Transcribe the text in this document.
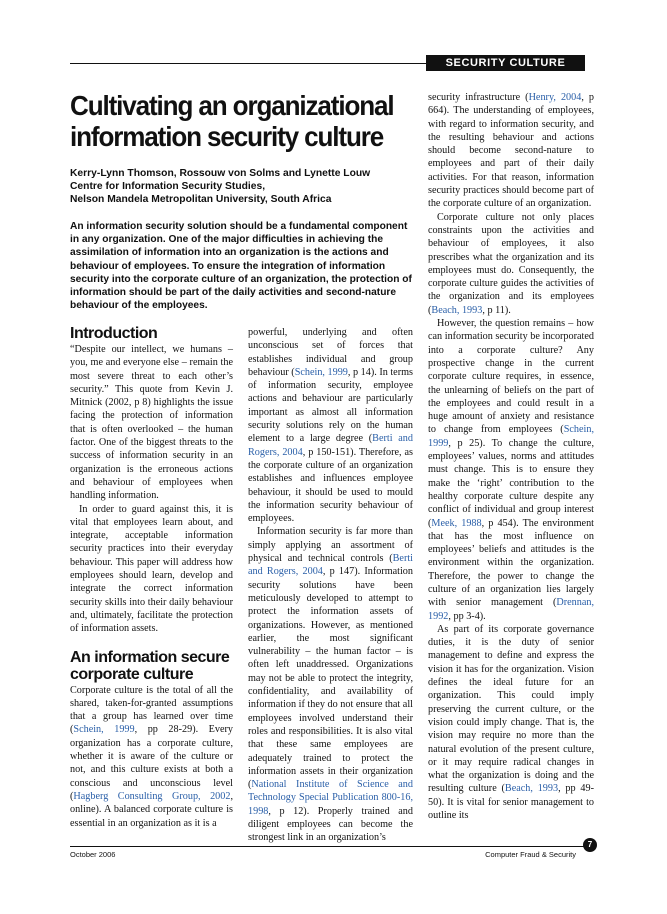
SECURITY CULTURE
Cultivating an organizational information security culture
Kerry-Lynn Thomson, Rossouw von Solms and Lynette Louw
Centre for Information Security Studies,
Nelson Mandela Metropolitan University, South Africa
An information security solution should be a fundamental component in any organization. One of the major difficulties in achieving the assimilation of information into an organization is the actions and behaviour of employees. To ensure the integration of information security into the corporate culture of an organization, the protection of information should be part of the daily activities and second-nature behaviour of the employees.
Introduction

“Despite our intellect, we humans – you, me and everyone else – remain the most severe threat to each other’s security.” This quote from Kevin J. Mitnick (2002, p 8) highlights the issue facing the protection of information that is often overlooked – the human factor. One of the biggest threats to the success of information security in an organization is the erroneous actions and behaviour of employees when handling information.

In order to guard against this, it is vital that employees learn about, and integrate, acceptable information security practices into their everyday behaviour. This paper will address how employees should learn, develop and integrate the correct information security skills into their daily behaviour and, ultimately, facilitate the protection of information assets.

An information secure corporate culture

Corporate culture is the total of all the shared, taken-for-granted assumptions that a group has learned over time (Schein, 1999, pp 28-29). Every organization has a corporate culture, whether it is aware of the culture or not, and this culture exists at both a conscious and unconscious level (Hagberg Consulting Group, 2002, online). A balanced corporate culture is essential in an organization as it is a

powerful, underlying and often unconscious set of forces that establishes individual and group behaviour (Schein, 1999, p 14). In terms of information security, employee actions and behaviour are particularly important as almost all information security solutions rely on the human element to a large degree (Berti and Rogers, 2004, p 150-151). Therefore, as the corporate culture of an organization establishes and influences employee behaviour, it should be used to mould the information security behaviour of employees.

Information security is far more than simply applying an assortment of physical and technical controls (Berti and Rogers, 2004, p 147). Information security solutions have been meticulously developed to attempt to protect the information assets of organizations. However, as mentioned earlier, the most significant vulnerability – the human factor – is often left unaddressed. Organizations may not be able to protect the integrity, confidentiality, and availability of information if they do not ensure that all employees involved understand their roles and responsibilities. It is also vital that these same employees are adequately trained to protect the information assets in their organization (National Institute of Science and Technology Special Publication 800-16, 1998, p 12). Properly trained and diligent employees can become the strongest link in an organization’s

security infrastructure (Henry, 2004, p 664). The understanding of employees, with regard to information security, and the resulting behaviour and actions should become second-nature to employees and part of their daily activities. For that reason, information security practices should become part of the corporate culture of an organization.

Corporate culture not only places constraints upon the activities and behaviour of employees, it also prescribes what the organization and its employees must do. Consequently, the corporate culture guides the activities of the organization and its employees (Beach, 1993, p 11).

However, the question remains – how can information security be incorporated into a corporate culture? Any prospective change in the current corporate culture requires, in essence, the unlearning of beliefs on the part of the employees and could result in a huge amount of anxiety and resistance to change from employees (Schein, 1999, p 25). To change the culture, employees’ values, norms and attitudes must change. This is to ensure they make the ‘right’ contribution to the healthy corporate culture despite any conflict of individual and group interest (Meek, 1988, p 454). The environment that has the most influence on employees’ beliefs and attitudes is the environment within the organization. Therefore, the power to change the culture of an organization lies largely with senior management (Drennan, 1992, pp 3-4).

As part of its corporate governance duties, it is the duty of senior management to define and express the vision it has for the organization. Vision defines the ideal future for an organization. This could imply preserving the current culture, or the vision could imply change. That is, the vision may require no more than the natural evolution of the present culture, or it may require radical changes in what the organization is doing and the resulting culture (Beach, 1993, pp 49-50). It is vital for senior management to outline its

7
October 2006	Computer Fraud & Security
